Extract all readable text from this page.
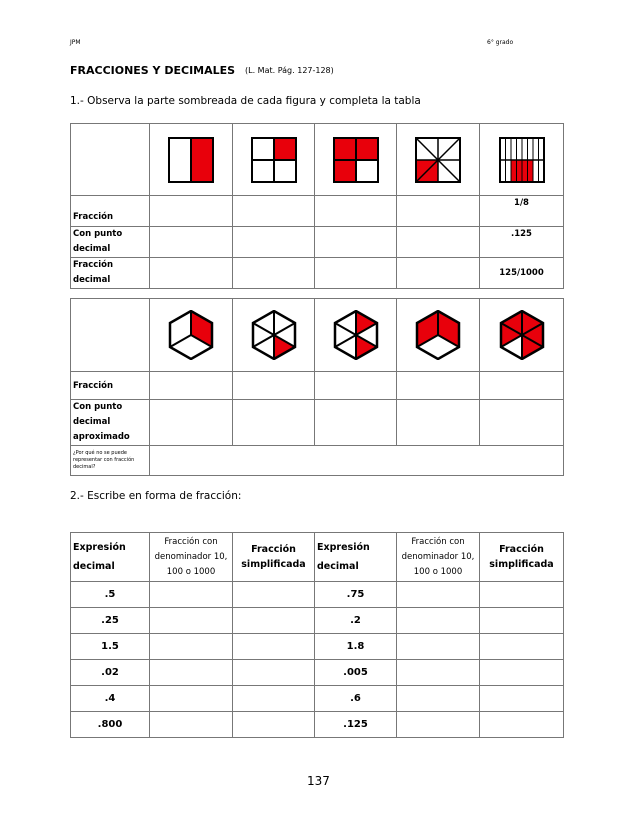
JPM	6° grado
FRACCIONES Y DECIMALES (L. Mat. Pág. 127-128)
1.- Observa la parte sombreada de cada figura y completa la tabla

Fracción					1/8
Con punto decimal					.125
Fracción decimal					125/1000

Fracción					
Con punto decimal aproximado					
¿Por qué no se puede representar con fracción decimal?					
2.- Escribe en forma de fracción:
Expresión decimal	Fracción con denominador 10, 100 o 1000	Fracción simplificada	Expresión decimal	Fracción con denominador 10, 100 o 1000	Fracción simplificada
.5			.75		
.25			.2		
1.5			1.8		
.02			.005		
.4			.6		
.800			.125		
137
